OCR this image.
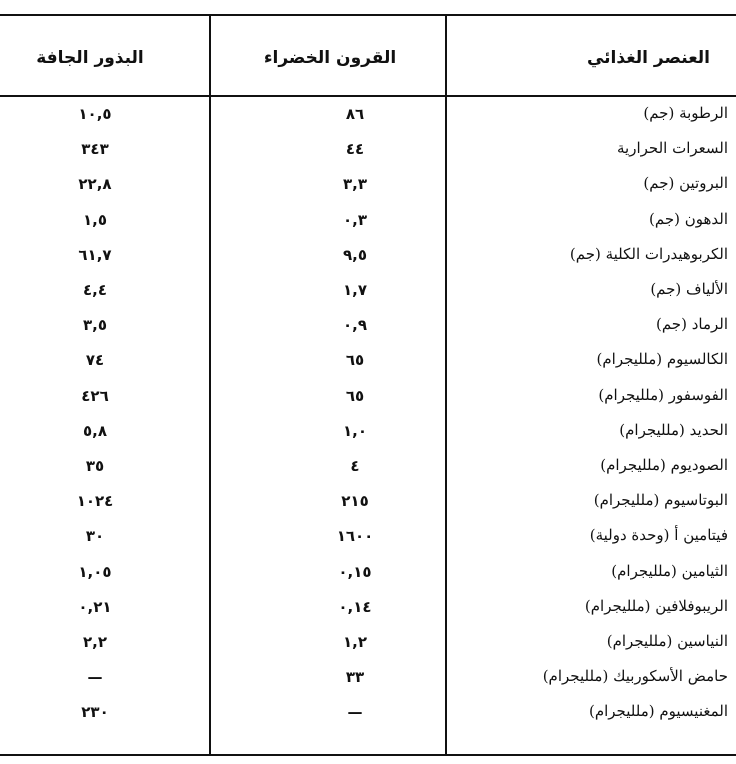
البذور الجافة	القرون الخضراء	العنصر الغذائي
١٠,٥	٨٦	الرطوبة (جم)
٣٤٣	٤٤	السعرات الحرارية
٢٢,٨	٣,٣	البروتين (جم)
١,٥	٠,٣	الدهون (جم)
٦١,٧	٩,٥	الكربوهيدرات الكلية (جم)
٤,٤	١,٧	الألياف (جم)
٣,٥	٠,٩	الرماد (جم)
٧٤	٦٥	الكالسيوم (ملليجرام)
٤٢٦	٦٥	الفوسفور (ملليجرام)
٥,٨	١,٠	الحديد (ملليجرام)
٣٥	٤	الصوديوم (ملليجرام)
١٠٢٤	٢١٥	البوتاسيوم (ملليجرام)
٣٠	١٦٠٠	فيتامين أ (وحدة دولية)
١,٠٥	٠,١٥	الثيامين (ملليجرام)
٠,٢١	٠,١٤	الريبوفلافين (ملليجرام)
٢,٢	١,٢	النياسين (ملليجرام)
—	٣٣	حامض الأسكوربيك (ملليجرام)
٢٣٠	—	المغنيسيوم (ملليجرام)
